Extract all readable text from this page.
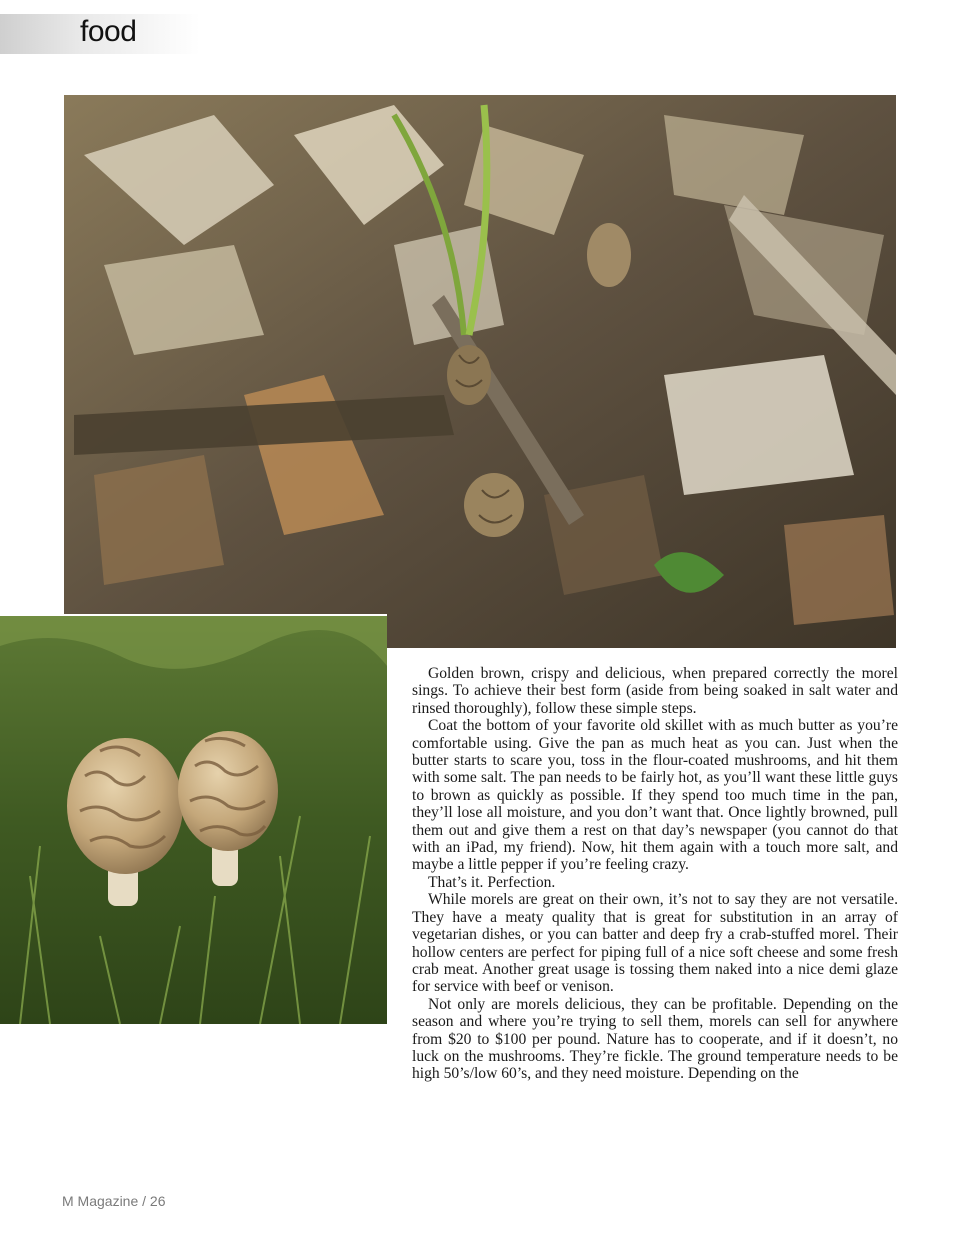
food

Golden brown, crispy and delicious, when prepared correctly the morel sings. To achieve their best form (aside from being soaked in salt water and rinsed thoroughly), follow these simple steps.

Coat the bottom of your favorite old skillet with as much butter as you’re comfortable using. Give the pan as much heat as you can. Just when the butter starts to scare you, toss in the flour-coated mushrooms, and hit them with some salt. The pan needs to be fairly hot, as you’ll want these little guys to brown as quickly as possible. If they spend too much time in the pan, they’ll lose all moisture, and you don’t want that. Once lightly browned, pull them out and give them a rest on that day’s newspaper (you cannot do that with an iPad, my friend). Now, hit them again with a touch more salt, and maybe a little pepper if you’re feeling crazy.

That’s it. Perfection.

While morels are great on their own, it’s not to say they are not versatile. They have a meaty quality that is great for substitution in an array of vegetarian dishes, or you can batter and deep fry a crab-stuffed morel. Their hollow centers are perfect for piping full of a nice soft cheese and some fresh crab meat. Another great usage is tossing them naked into a nice demi glaze for service with beef or venison.

Not only are morels delicious, they can be profitable. Depending on the season and where you’re trying to sell them, morels can sell for anywhere from $20 to $100 per pound. Nature has to cooperate, and if it doesn’t, no luck on the mushrooms. They’re fickle. The ground temperature needs to be high 50’s/low 60’s, and they need moisture. Depending on the

M Magazine / 26
